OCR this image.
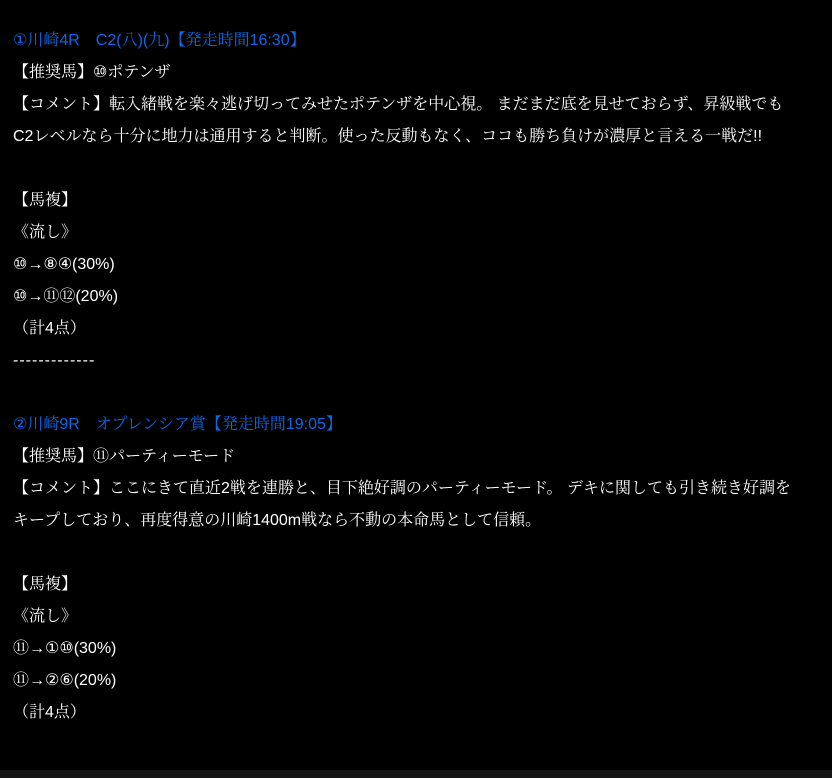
①川崎4R　C2(八)(九)【発走時間16:30】

【推奨馬】⑩ポテンザ

【コメント】転入緒戦を楽々逃げ切ってみせたポテンザを中心視。 まだまだ底を見せておらず、昇級戦でもC2レベルなら十分に地力は通用すると判断。使った反動もなく、ココも勝ち負けが濃厚と言える一戦だ!!

【馬複】

《流し》

⑩→⑧④(30%)

⑩→⑪⑫(20%)

（計4点）

-------------

②川崎9R　オプレンシア賞【発走時間19:05】

【推奨馬】⑪パーティーモード

【コメント】ここにきて直近2戦を連勝と、目下絶好調のパーティーモード。 デキに関しても引き続き好調をキープしており、再度得意の川崎1400m戦なら不動の本命馬として信頼。

【馬複】

《流し》

⑪→①⑩(30%)

⑪→②⑥(20%)

（計4点）
